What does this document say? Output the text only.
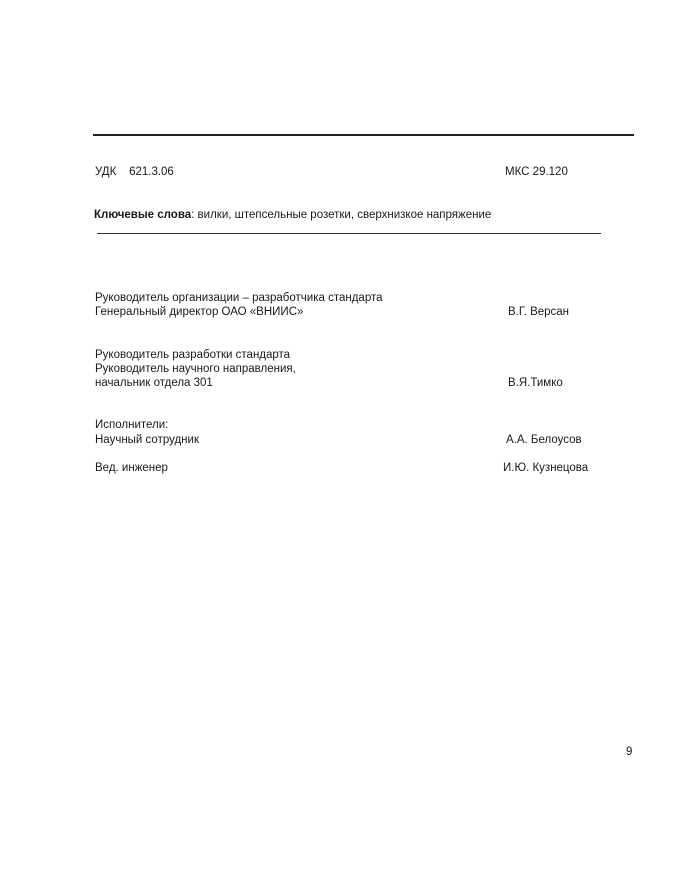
УДК 621.3.06	МКС 29.120
Ключевые слова: вилки, штепсельные розетки, сверхнизкое напряжение
Руководитель организации – разработчика стандарта
Генеральный директор ОАО «ВНИИС»	В.Г. Версан
Руководитель разработки стандарта
Руководитель научного направления,
начальник отдела 301	В.Я.Тимко
Исполнители:
Научный сотрудник	А.А. Белоусов
Вед. инженер	И.Ю. Кузнецова
9
